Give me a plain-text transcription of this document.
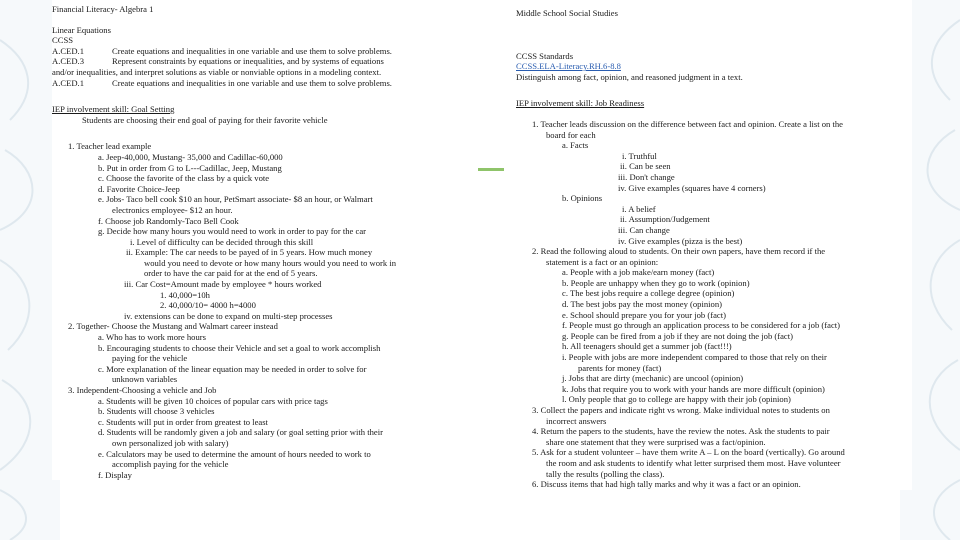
Financial Literacy- Algebra 1

Linear Equations

CCSS

A.CED.1	Create equations and inequalities in one variable and use them to solve problems.
A.CED.3	Represent constraints by equations or inequalities, and by systems of equations

and/or inequalities, and interpret solutions as viable or nonviable options in a modeling context.

A.CED.1	Create equations and inequalities in one variable and use them to solve problems.

IEP involvement skill: Goal Setting

Students are choosing their end goal of paying for their favorite vehicle

1. Teacher lead example

a. Jeep-40,000, Mustang- 35,000 and Cadillac-60,000

b. Put in order from G to L---Cadillac, Jeep, Mustang

c. Choose the favorite of the class by a quick vote

d. Favorite Choice-Jeep

e. Jobs- Taco bell cook $10 an hour, PetSmart associate- $8 an hour, or Walmart

electronics employee- $12 an hour.

f. Choose job Randomly-Taco Bell Cook

g. Decide how many hours you would need to work in order to pay for the car

i. Level of difficulty can be decided through this skill

ii. Example: The car needs to be payed of in 5 years. How much money

would you need to devote or how many hours would you need to work in

order to have the car paid for at the end of 5 years.

iii. Car Cost=Amount made by employee * hours worked

1. 40,000=10h

2. 40,000/10= 4000 h=4000

iv. extensions can be done to expand on multi-step processes

2. Together- Choose the Mustang and Walmart career instead

a. Who has to work more hours

b. Encouraging students to choose their Vehicle and set a goal to work accomplish

paying for the vehicle

c. More explanation of the linear equation may be needed in order to solve for

unknown variables

3. Independent-Choosing a vehicle and Job

a. Students will be given 10 choices of popular cars with price tags

b. Students will choose 3 vehicles

c. Students will put in order from greatest to least

d. Students will be randomly given a job and salary (or goal setting prior with their

own personalized job with salary)

e. Calculators may be used to determine the amount of hours needed to work to

accomplish paying for the vehicle

f. Display

Middle School Social Studies

CCSS Standards

CCSS.ELA-Literacy.RH.6-8.8

Distinguish among fact, opinion, and reasoned judgment in a text.

IEP involvement skill: Job Readiness

1. Teacher leads discussion on the difference between fact and opinion. Create a list on the

board for each

a. Facts

i. Truthful

ii. Can be seen

iii. Don't change

iv. Give examples (squares have 4 corners)

b. Opinions

i. A belief

ii. Assumption/Judgement

iii. Can change

iv. Give examples (pizza is the best)

2. Read the following aloud to students. On their own papers, have them record if the

statement is a fact or an opinion:

a. People with a job make/earn money (fact)

b. People are unhappy when they go to work (opinion)

c. The best jobs require a college degree (opinion)

d. The best jobs pay the most money (opinion)

e. School should prepare you for your job (fact)

f. People must go through an application process to be considered for a job (fact)

g. People can be fired from a job if they are not doing the job (fact)

h. All teenagers should get a summer job (fact!!!)

i. People with jobs are more independent compared to those that rely on their

parents for money (fact)

j. Jobs that are dirty (mechanic) are uncool (opinion)

k. Jobs that require you to work with your hands are more difficult (opinion)

l. Only people that go to college are happy with their job (opinion)

3. Collect the papers and indicate right vs wrong. Make individual notes to students on

incorrect answers

4. Return the papers to the students, have the review the notes. Ask the students to pair

share one statement that they were surprised was a fact/opinion.

5. Ask for a student volunteer – have them write A – L on the board (vertically). Go around

the room and ask students to identify what letter surprised them most. Have volunteer

tally the results (polling the class).

6. Discuss items that had high tally marks and why it was a fact or an opinion.
